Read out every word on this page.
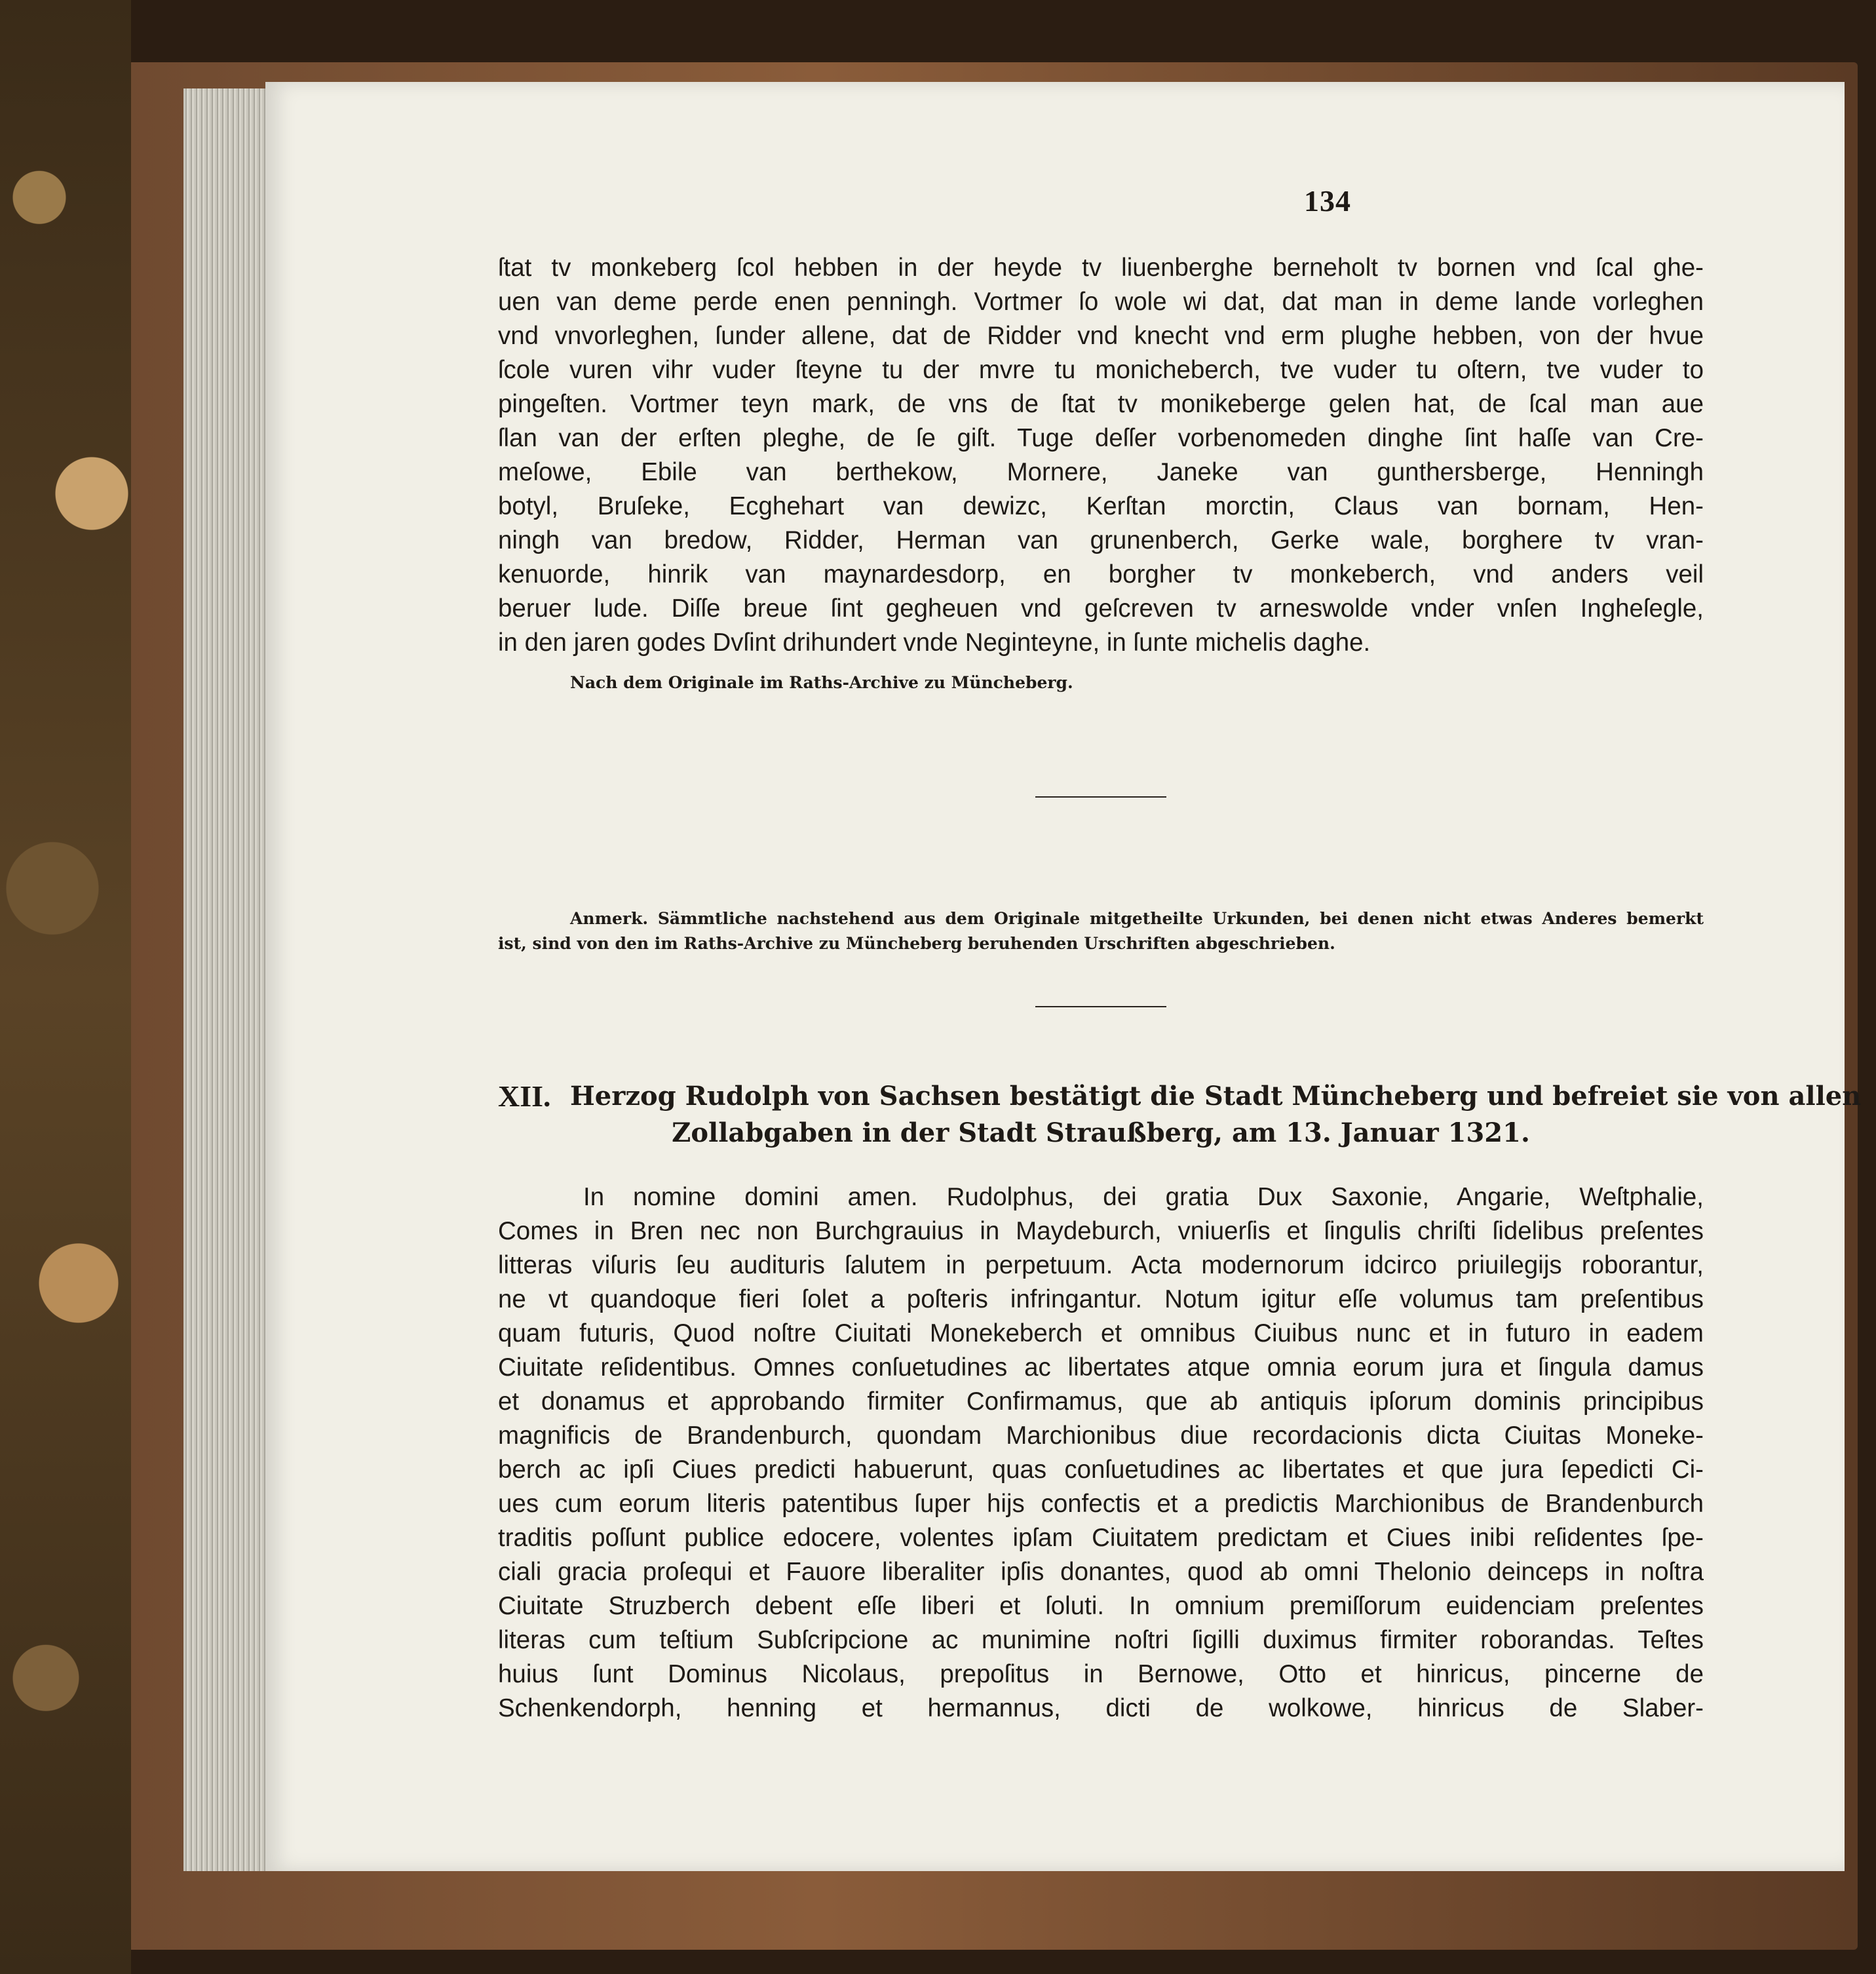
134
ſtat tv monkeberg ſcol hebben in der heyde tv liuenberghe berneholt tv bornen vnd ſcal ghe-
uen van deme perde enen penningh. Vortmer ſo wole wi dat, dat man in deme lande vorleghen
vnd vnvorleghen, ſunder allene, dat de Ridder vnd knecht vnd erm plughe hebben, von der hvue
ſcole vuren vihr vuder ſteyne tu der mvre tu monicheberch, tve vuder tu oſtern, tve vuder to
pingeſten. Vortmer teyn mark, de vns de ſtat tv monikeberge gelen hat, de ſcal man aue
ſlan van der erſten pleghe, de ſe giſt. Tuge deſſer vorbenomeden dinghe ſint haſſe van Cre-
meſowe, Ebile van berthekow, Mornere, Janeke van gunthersberge, Henningh
botyl, Bruſeke, Ecghehart van dewizc, Kerſtan morctin, Claus van bornam, Hen-
ningh van bredow, Ridder, Herman van grunenberch, Gerke wale, borghere tv vran-
kenuorde, hinrik van maynardesdorp, en borgher tv monkeberch, vnd anders veil
beruer lude. Diſſe breue ſint gegheuen vnd geſcreven tv arneswolde vnder vnſen Ingheſegle,
in den jaren godes Dvſint drihundert vnde Neginteyne, in ſunte michelis daghe.
Nach dem Originale im Raths-Archive zu Müncheberg.
Anmerk. Sämmtliche nachstehend aus dem Originale mitgetheilte Urkunden, bei denen nicht etwas Anderes bemerkt
ist, sind von den im Raths-Archive zu Müncheberg beruhenden Urschriften abgeschrieben.
XII. Herzog Rudolph von Sachsen bestätigt die Stadt Müncheberg und befreiet sie von allen
Zollabgaben in der Stadt Straußberg, am 13. Januar 1321.
In nomine domini amen. Rudolphus, dei gratia Dux Saxonie, Angarie, Weſtphalie,
Comes in Bren nec non Burchgrauius in Maydeburch, vniuerſis et ſingulis chriſti ſidelibus preſentes
litteras viſuris ſeu audituris ſalutem in perpetuum. Acta modernorum idcirco priuilegijs roborantur,
ne vt quandoque fieri ſolet a poſteris infringantur. Notum igitur eſſe volumus tam preſentibus
quam futuris, Quod noſtre Ciuitati Monekeberch et omnibus Ciuibus nunc et in futuro in eadem
Ciuitate reſidentibus. Omnes conſuetudines ac libertates atque omnia eorum jura et ſingula damus
et donamus et approbando firmiter Confirmamus, que ab antiquis ipſorum dominis principibus
magnificis de Brandenburch, quondam Marchionibus diue recordacionis dicta Ciuitas Moneke-
berch ac ipſi Ciues predicti habuerunt, quas conſuetudines ac libertates et que jura ſepedicti Ci-
ues cum eorum literis patentibus ſuper hijs confectis et a predictis Marchionibus de Brandenburch
traditis poſſunt publice edocere, volentes ipſam Ciuitatem predictam et Ciues inibi reſidentes ſpe-
ciali gracia proſequi et Fauore liberaliter ipſis donantes, quod ab omni Thelonio deinceps in noſtra
Ciuitate Struzberch debent eſſe liberi et ſoluti. In omnium premiſſorum euidenciam preſentes
literas cum teſtium Subſcripcione ac munimine noſtri ſigilli duximus firmiter roborandas. Teſtes
huius ſunt Dominus Nicolaus, prepoſitus in Bernowe, Otto et hinricus, pincerne de
Schenkendorph, henning et hermannus, dicti de wolkowe, hinricus de Slaber-
